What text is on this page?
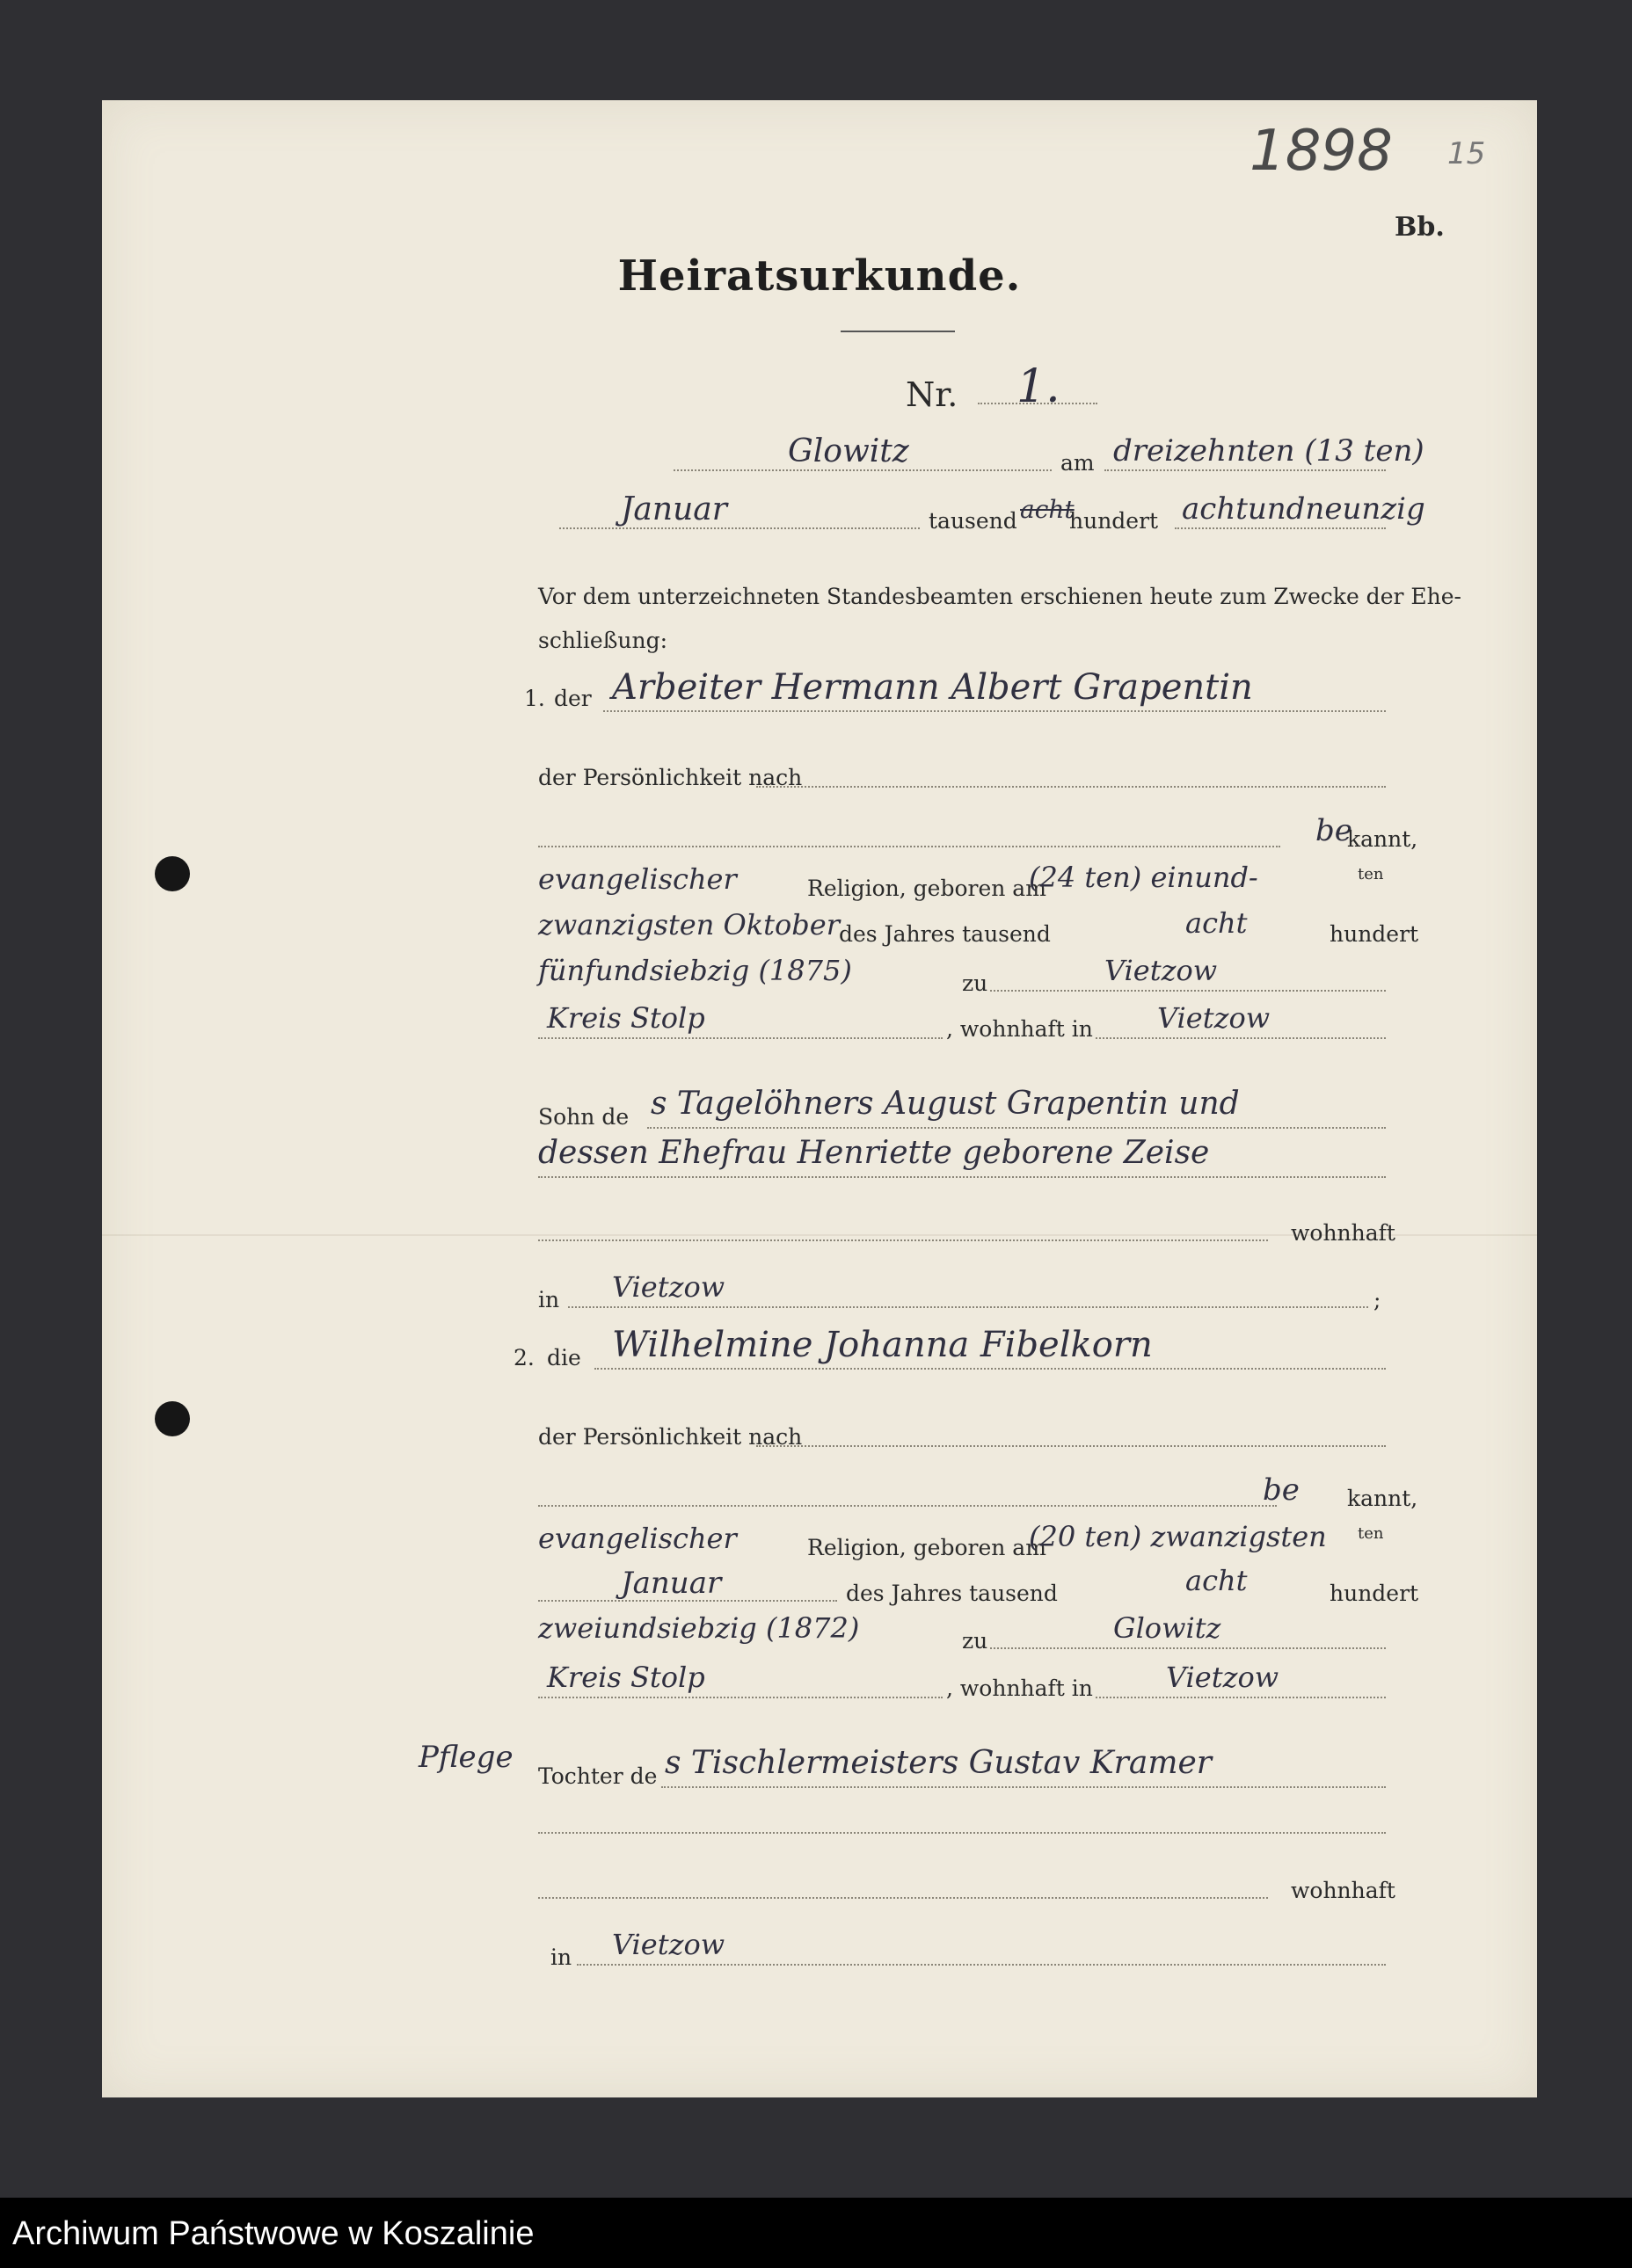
1898 15
Bb.
Heiratsurkunde.
Nr. 1.
Glowitz	am dreizehnten (13 ten)
Januar	tausend acht
hundert achtundneunzig
Vor dem unterzeichneten Standesbeamten erschienen heute zum Zwecke der Ehe-
schließung:
1. der Arbeiter Hermann Albert Grapentin
der Persönlichkeit nach
be
kannt,
evangelischer	Religion, geboren am
(24 ten) einund-	ten
zwanzigsten Oktober des Jahres tausend	acht	hundert
fünfundsiebzig (1875)	zu	Vietzow
Kreis Stolp	, wohnhaft in Vietzow
Sohn de s Tagelöhners August Grapentin und
dessen Ehefrau Henriette geborene Zeise
wohnhaft
in Vietzow	;
2. die Wilhelmine Johanna Fibelkorn
der Persönlichkeit nach
be kannt,
evangelischer	Religion, geboren am
(20 ten) zwanzigsten ten
Januar	des Jahres tausend	acht	hundert
zweiundsiebzig (1872)	zu	Glowitz
Kreis Stolp	, wohnhaft in	Vietzow
Pflege
Tochter de s Tischlermeisters Gustav Kramer
wohnhaft
in Vietzow
Archiwum Państwowe w Koszalinie
